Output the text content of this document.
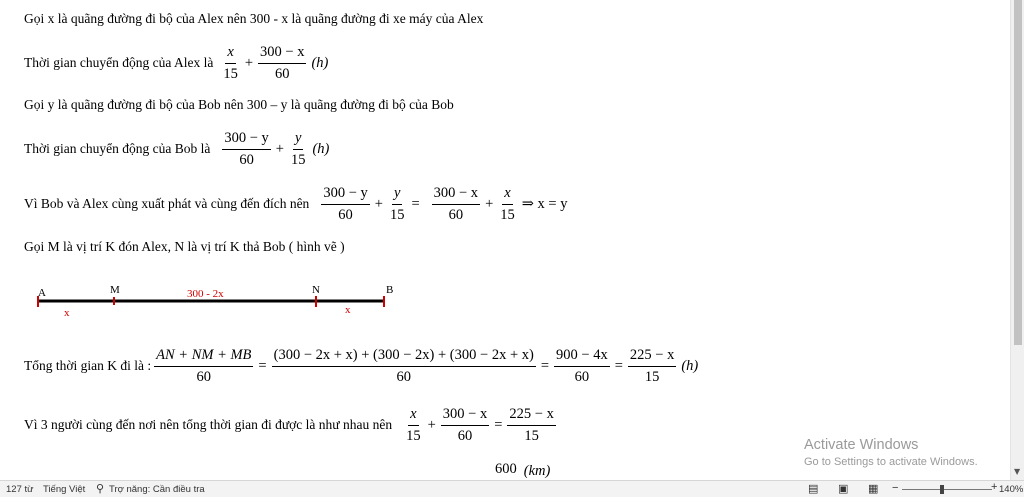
Gọi x là quãng đường đi bộ của Alex nên 300 - x là quãng đường đi xe máy của Alex
Thời gian chuyển động của Alex là $\frac{x}{15} + \frac{300 - x}{60} (h)$
Gọi y là quãng đường đi bộ của Bob nên 300 – y là quãng đường đi bộ của Bob
Thời gian chuyển động của Bob là $\frac{300 - y}{60} + \frac{y}{15} (h)$
Vì Bob và Alex cùng xuất phát và cùng đến đích nên $\frac{300 - y}{60} + \frac{y}{15} = \frac{300 - x}{60} + \frac{x}{15}$ ⇒ x = y
Gọi M là vị trí K đón Alex, N là vị trí K thả Bob ( hình vẽ )
A	M	N	B
300 - 2x
x	x
Tổng thời gian K đi là : $\frac{AN + NM + MB}{60} = \frac{(300 - 2x + x) + (300 - 2x) + (300 - 2x + x)}{60} = \frac{900 - 4x}{60} = \frac{225 - x}{15} (h)$
Vì 3 người cùng đến nơi nên tổng thời gian đi được là như nhau nên $\frac{x}{15} + \frac{300 - x}{60} = \frac{225 - x}{15}$
600 (km)
Activate Windows
Go to Settings to activate Windows.
▼
127 từ Tiếng Việt ⚲ Trợ năng: Cần điều tra	▤ ▣ ▦ −	+ 140%
